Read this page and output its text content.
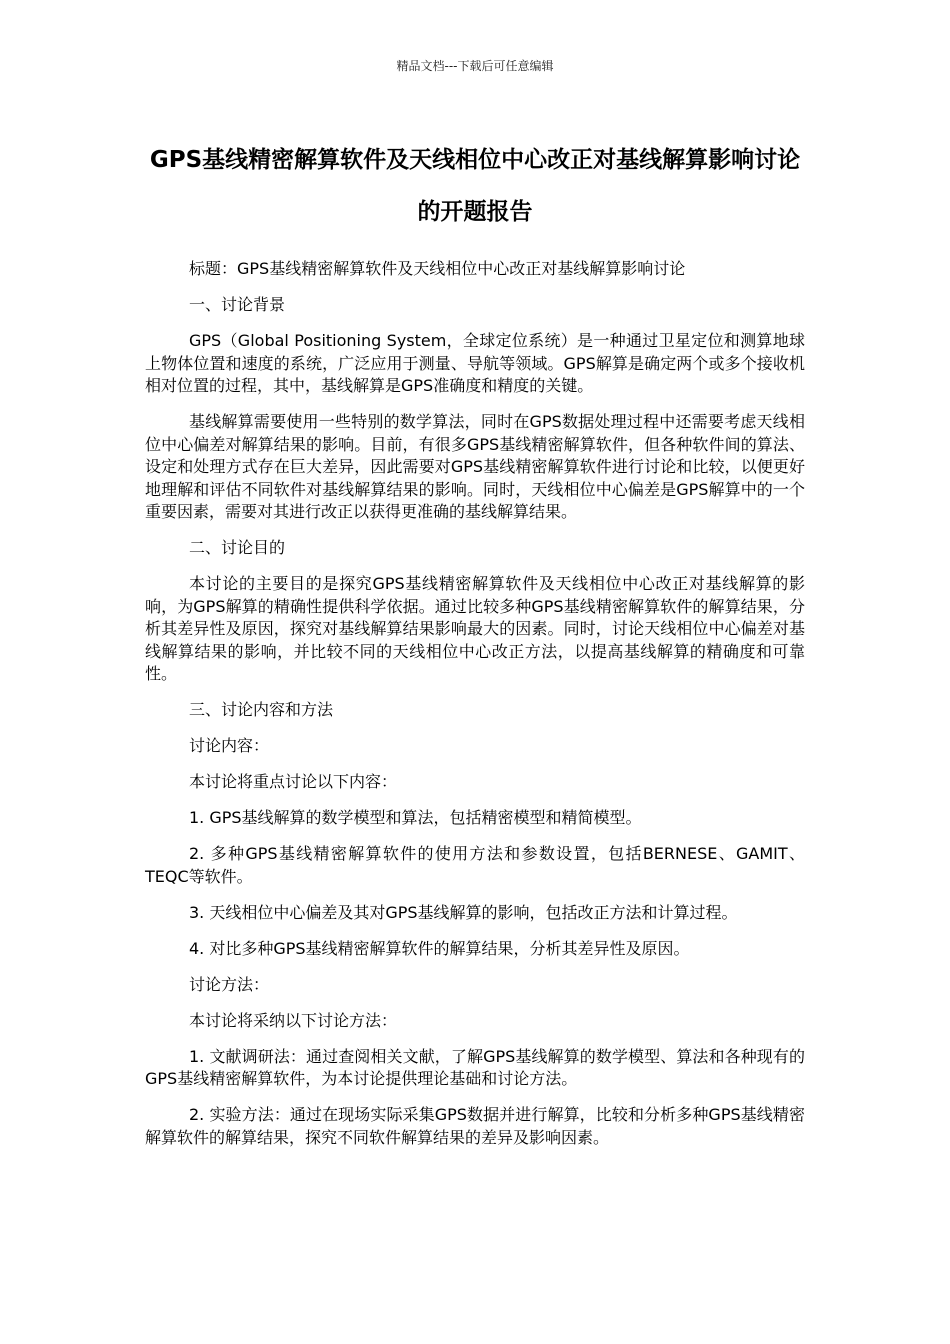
精品文档---下载后可任意编辑
GPS基线精密解算软件及天线相位中心改正对基线解算影响讨论的开题报告

标题：GPS基线精密解算软件及天线相位中心改正对基线解算影响讨论

一、讨论背景

GPS（Global Positioning System，全球定位系统）是一种通过卫星定位和测算地球上物体位置和速度的系统，广泛应用于测量、导航等领域。GPS解算是确定两个或多个接收机相对位置的过程，其中，基线解算是GPS准确度和精度的关键。

基线解算需要使用一些特别的数学算法，同时在GPS数据处理过程中还需要考虑天线相位中心偏差对解算结果的影响。目前，有很多GPS基线精密解算软件，但各种软件间的算法、设定和处理方式存在巨大差异，因此需要对GPS基线精密解算软件进行讨论和比较，以便更好地理解和评估不同软件对基线解算结果的影响。同时，天线相位中心偏差是GPS解算中的一个重要因素，需要对其进行改正以获得更准确的基线解算结果。

二、讨论目的

本讨论的主要目的是探究GPS基线精密解算软件及天线相位中心改正对基线解算的影响，为GPS解算的精确性提供科学依据。通过比较多种GPS基线精密解算软件的解算结果，分析其差异性及原因，探究对基线解算结果影响最大的因素。同时，讨论天线相位中心偏差对基线解算结果的影响，并比较不同的天线相位中心改正方法，以提高基线解算的精确度和可靠性。

三、讨论内容和方法

讨论内容：

本讨论将重点讨论以下内容：

1. GPS基线解算的数学模型和算法，包括精密模型和精简模型。

2. 多种GPS基线精密解算软件的使用方法和参数设置，包括BERNESE、GAMIT、TEQC等软件。

3. 天线相位中心偏差及其对GPS基线解算的影响，包括改正方法和计算过程。

4. 对比多种GPS基线精密解算软件的解算结果，分析其差异性及原因。

讨论方法：

本讨论将采纳以下讨论方法：

1. 文献调研法：通过查阅相关文献，了解GPS基线解算的数学模型、算法和各种现有的GPS基线精密解算软件，为本讨论提供理论基础和讨论方法。

2. 实验方法：通过在现场实际采集GPS数据并进行解算，比较和分析多种GPS基线精密解算软件的解算结果，探究不同软件解算结果的差异及影响因素。
